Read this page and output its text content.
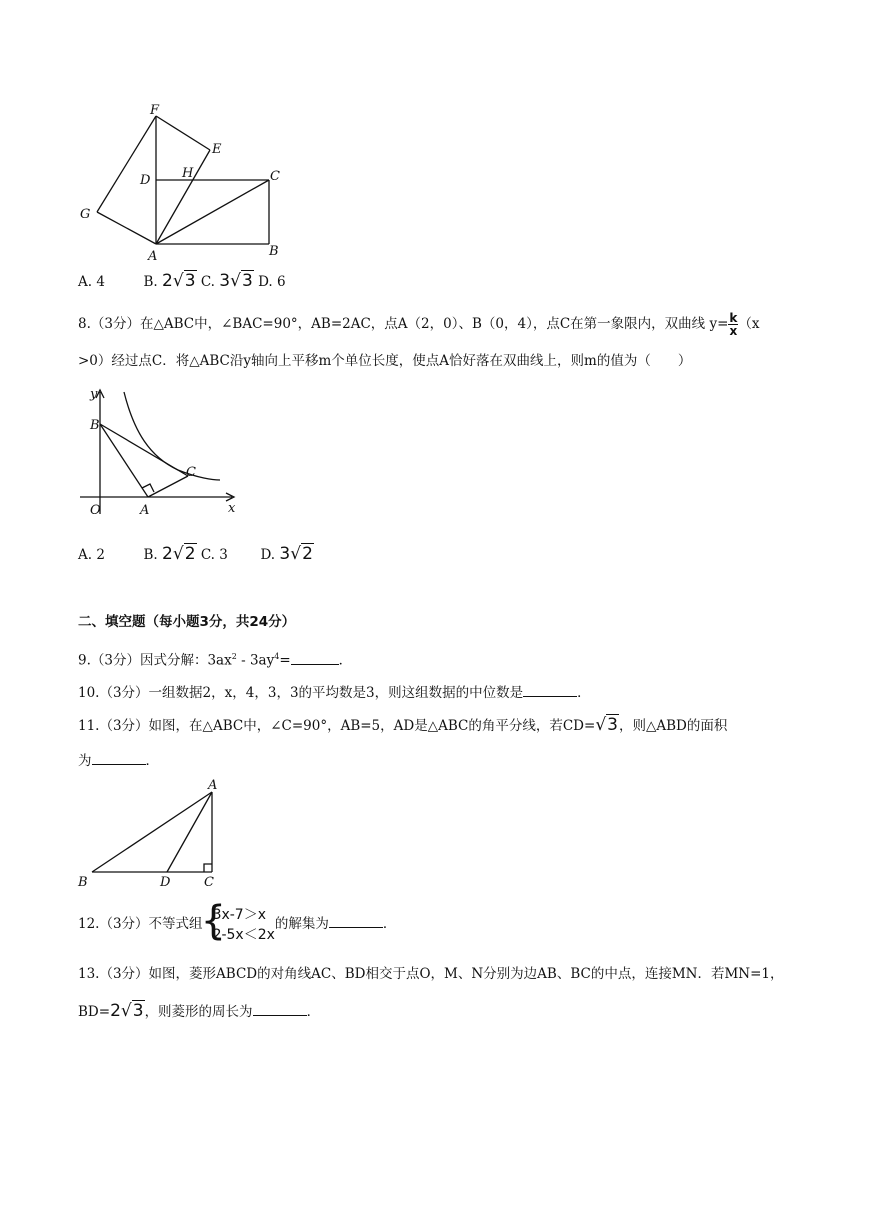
F
E
D H	C
G
A	B
A. 4	B. 2√3 C. 3√3 D. 6
8.（3分）在△ABC中，∠BAC=90°，AB=2AC，点A（2，0）、B（0，4），点C在第一象限内，双曲线 $y= \frac{k}{x} (x$
>0）经过点C．将△ABC沿y轴向上平移m个单位长度，使点A恰好落在双曲线上，则m的值为（　　）
y
B
C
O	A	x
A. 2	B. 2√2 C. 3 D. 3√2
二、填空题（每小题3分，共24分）
9.（3分）因式分解：$3ax^2 - 3ay^4=$	．
10.（3分）一组数据2，x，4，3，3的平均数是3，则这组数据的中位数是	．
11.（3分）如图，在△ABC中，∠C=90°，AB=5，AD是△ABC的角平分线，若CD=√3，则△ABD的面积
为	．
A
B	D	C
12.（3分）不等式组
{
3x-7＞x
2-5x＜2x
的解集为	．
13.（3分）如图，菱形ABCD的对角线AC、BD相交于点O，M、N分别为边AB、BC的中点，连接MN．若MN=1，
BD=2√3，则菱形的周长为	．
